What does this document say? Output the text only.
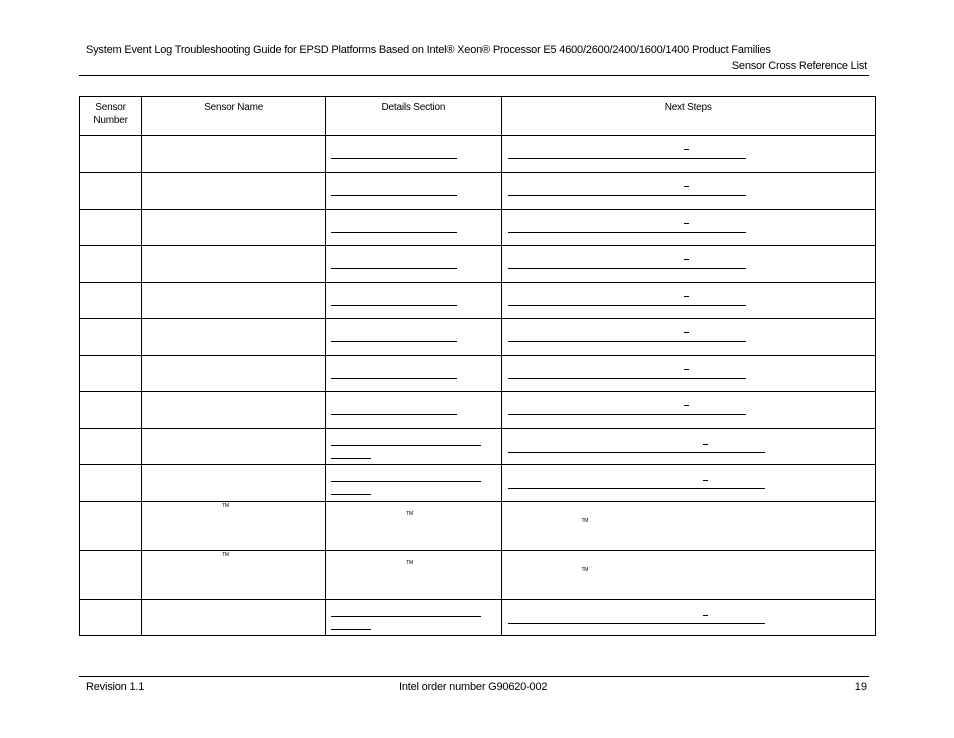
System Event Log Troubleshooting Guide for EPSD Platforms Based on Intel® Xeon® Processor E5 4600/2600/2400/1600/1400 Product Families
Sensor Cross Reference List
Sensor Number	Sensor Name	Details Section	Next Steps

	TM	TM	TM

	TM	TM	TM

Revision 1.1	Intel order number G90620-002	19
